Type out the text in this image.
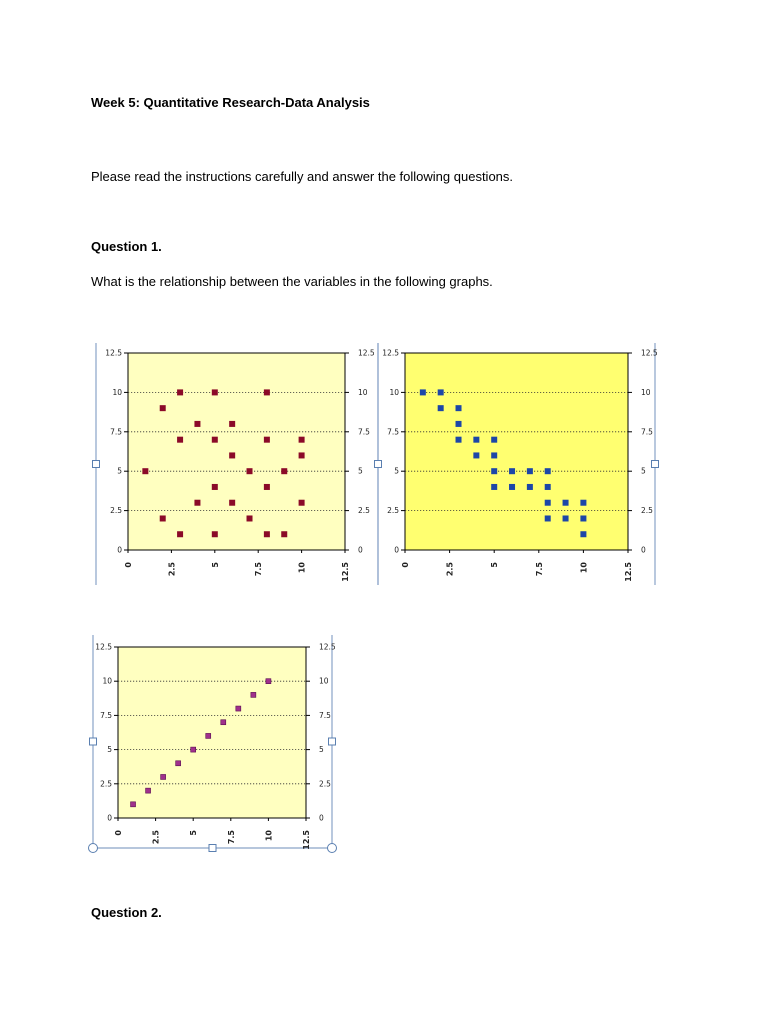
Week 5: Quantitative Research-Data Analysis
Please read the instructions carefully and answer the following questions.
Question 1.
What is the relationship between the variables in the following graphs.
0	0
2.5	2.5
5	5
7.5	7.5
10	10
12.5	12.5
0	2.5	5	7.5	10	12.5
0	0
2.5	2.5
5	5
7.5	7.5
10	10
12.5	12.5
0	2.5	5	7.5	10	12.5
0	0
2.5	2.5
5	5
7.5	7.5
10	10
12.5	12.5
0	2.5	5	7.5	10	12.5
Question 2.
